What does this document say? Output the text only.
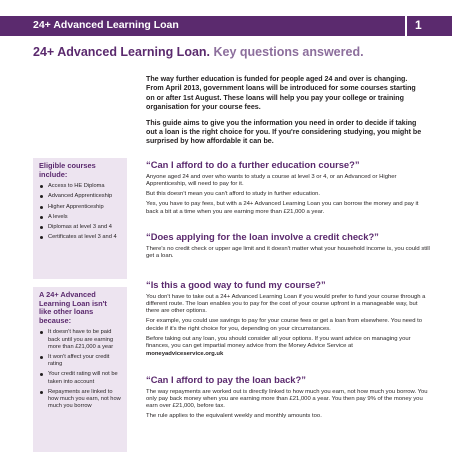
24+ Advanced Learning Loan	1
24+ Advanced Learning Loan. Key questions answered.

The way further education is funded for people aged 24 and over is changing. From April 2013, government loans will be introduced for some courses starting on or after 1st August. These loans will help you pay your college or training organisation for your course fees.

This guide aims to give you the information you need in order to decide if taking out a loan is the right choice for you. If you're considering studying, you might be surprised by how affordable it can be.

Eligible courses include:
Access to HE Diploma
Advanced Apprenticeship
Higher Apprenticeship
A levels
Diplomas at level 3 and 4
Certificates at level 3 and 4
A 24+ Advanced Learning Loan isn't like other loans because:
It doesn't have to be paid back until you are earning more than £21,000 a year
It won't affect your credit rating
Your credit rating will not be taken into account
Repayments are linked to how much you earn, not how much you borrow
“Can I afford to do a further education course?”

Anyone aged 24 and over who wants to study a course at level 3 or 4, or an Advanced or Higher Apprenticeship, will need to pay for it.

But this doesn't mean you can't afford to study in further education.

Yes, you have to pay fees, but with a 24+ Advanced Learning Loan you can borrow the money and pay it back a bit at a time when you are earning more than £21,000 a year.

“Does applying for the loan involve a credit check?”

There's no credit check or upper age limit and it doesn't matter what your household income is, you could still get a loan.

“Is this a good way to fund my course?”

You don't have to take out a 24+ Advanced Learning Loan if you would prefer to fund your course through a different route. The loan enables you to pay for the cost of your course upfront in a manageable way, but there are other options.

For example, you could use savings to pay for your course fees or get a loan from elsewhere. You need to decide if it's the right choice for you, depending on your circumstances.

Before taking out any loan, you should consider all your options. If you want advice on managing your finances, you can get impartial money advice from the Money Advice Service at moneyadviceservice.org.uk

“Can I afford to pay the loan back?”

The way repayments are worked out is directly linked to how much you earn, not how much you borrow. You only pay back money when you are earning more than £21,000 a year. You then pay 9% of the money you earn over £21,000, before tax.

The rule applies to the equivalent weekly and monthly amounts too.
